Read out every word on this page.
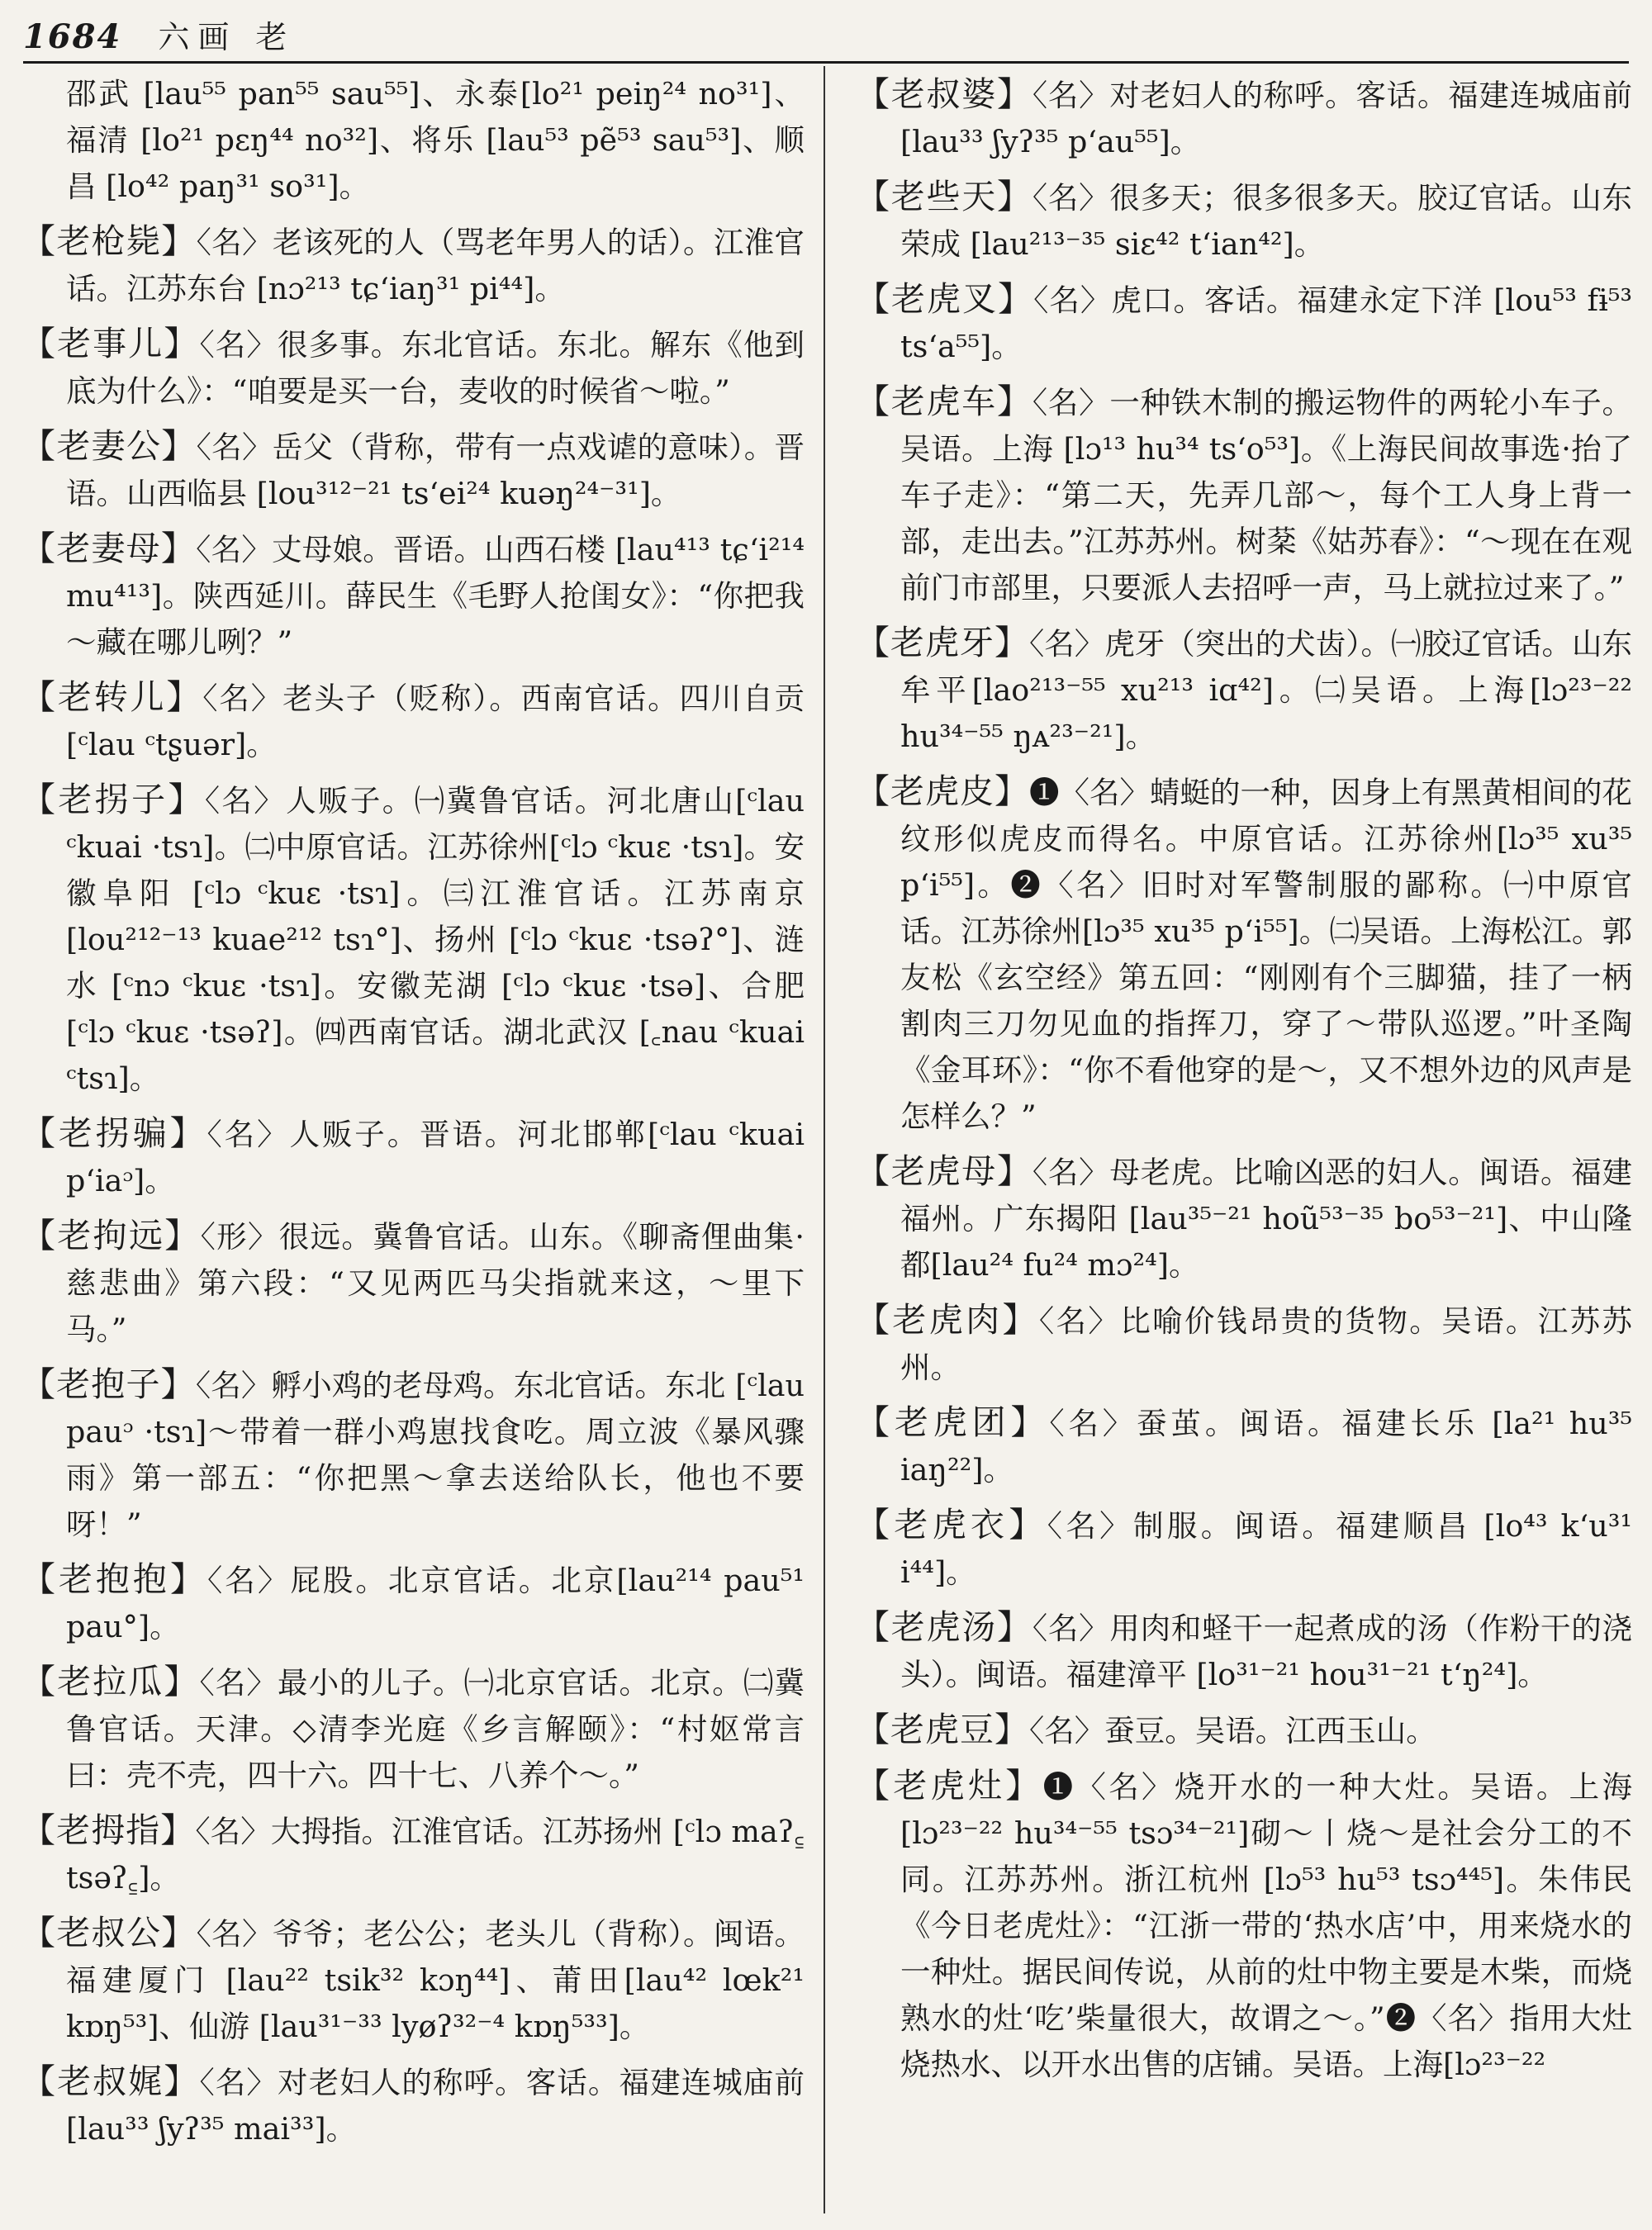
1684 六画 老

邵武 [lau⁵⁵ pan⁵⁵ sau⁵⁵]、永泰[lo²¹ peiŋ²⁴ no³¹]、福清 [lo²¹ pɛŋ⁴⁴ no³²]、将乐 [lau⁵³ pẽ⁵³ sau⁵³]、顺昌 [lo⁴² paŋ³¹ so³¹]。

【老枪毙】〈名〉老该死的人（骂老年男人的话）。江淮官话。江苏东台 [nɔ²¹³ tɕʻiaŋ³¹ pi⁴⁴]。

【老事儿】〈名〉很多事。东北官话。东北。解东《他到底为什么》：“咱要是买一台，麦收的时候省～啦。”

【老妻公】〈名〉岳父（背称，带有一点戏谑的意味）。晋语。山西临县 [lou³¹²⁻²¹ tsʻei²⁴ kuəŋ²⁴⁻³¹]。

【老妻母】〈名〉丈母娘。晋语。山西石楼 [lau⁴¹³ tɕʻi²¹⁴ mu⁴¹³]。陕西延川。薛民生《毛野人抢闺女》：“你把我～藏在哪儿咧？”

【老转儿】〈名〉老头子（贬称）。西南官话。四川自贡 [ᶜlau ᶜtʂuər]。

【老拐子】〈名〉人贩子。㈠冀鲁官话。河北唐山[ᶜlau ᶜkuai ·tsɿ]。㈡中原官话。江苏徐州[ᶜlɔ ᶜkuɛ ·tsɿ]。安徽阜阳 [ᶜlɔ ᶜkuɛ ·tsɿ]。㈢江淮官话。江苏南京 [lou²¹²⁻¹³ kuae²¹² tsɿ°]、扬州 [ᶜlɔ ᶜkuɛ ·tsəʔ°]、涟水 [ᶜnɔ ᶜkuɛ ·tsɿ]。安徽芜湖 [ᶜlɔ ᶜkuɛ ·tsə]、合肥[ᶜlɔ ᶜkuɛ ·tsəʔ]。㈣西南官话。湖北武汉 [꜀nau ᶜkuai ᶜtsɿ]。

【老拐骗】〈名〉人贩子。晋语。河北邯郸[ᶜlau ᶜkuai pʻiaᵓ]。

【老拘远】〈形〉很远。冀鲁官话。山东。《聊斋俚曲集·慈悲曲》第六段：“又见两匹马尖指就来这，～里下马。”

【老抱子】〈名〉孵小鸡的老母鸡。东北官话。东北 [ᶜlau pauᵓ ·tsɿ]～带着一群小鸡崽找食吃。周立波《暴风骤雨》第一部五：“你把黑～拿去送给队长，他也不要呀！”

【老抱抱】〈名〉屁股。北京官话。北京[lau²¹⁴ pau⁵¹ pau°]。

【老拉瓜】〈名〉最小的儿子。㈠北京官话。北京。㈡冀鲁官话。天津。◇清李光庭《乡言解颐》：“村妪常言曰：壳不壳，四十六。四十七、八养个～。”

【老拇指】〈名〉大拇指。江淮官话。江苏扬州 [ᶜlɔ maʔ꜁ tsəʔ꜁]。

【老叔公】〈名〉爷爷；老公公；老头儿（背称）。闽语。福建厦门 [lau²² tsik³² kɔŋ⁴⁴]、莆田[lau⁴² lœk²¹ kɒŋ⁵³]、仙游 [lau³¹⁻³³ lyøʔ³²⁻⁴ kɒŋ⁵³³]。

【老叔娓】〈名〉对老妇人的称呼。客话。福建连城庙前[lau³³ ʃyʔ³⁵ mai³³]。

【老叔婆】〈名〉对老妇人的称呼。客话。福建连城庙前 [lau³³ ʃyʔ³⁵ pʻau⁵⁵]。

【老些天】〈名〉很多天；很多很多天。胶辽官话。山东荣成 [lau²¹³⁻³⁵ siɛ⁴² tʻian⁴²]。

【老虎叉】〈名〉虎口。客话。福建永定下洋 [lou⁵³ fɨ⁵³ tsʻa⁵⁵]。

【老虎车】〈名〉一种铁木制的搬运物件的两轮小车子。吴语。上海 [lɔ¹³ hu³⁴ tsʻo⁵³]。《上海民间故事选·抬了车子走》：“第二天，先弄几部～，每个工人身上背一部，走出去。”江苏苏州。树棻《姑苏春》：“～现在在观前门市部里，只要派人去招呼一声，马上就拉过来了。”

【老虎牙】〈名〉虎牙（突出的犬齿）。㈠胶辽官话。山东牟平[lao²¹³⁻⁵⁵ xu²¹³ iɑ⁴²]。㈡吴语。上海[lɔ²³⁻²² hu³⁴⁻⁵⁵ ŋᴀ²³⁻²¹]。

【老虎皮】❶〈名〉蜻蜓的一种，因身上有黑黄相间的花纹形似虎皮而得名。中原官话。江苏徐州[lɔ³⁵ xu³⁵ pʻi⁵⁵]。❷〈名〉旧时对军警制服的鄙称。㈠中原官话。江苏徐州[lɔ³⁵ xu³⁵ pʻi⁵⁵]。㈡吴语。上海松江。郭友松《玄空经》第五回：“刚刚有个三脚猫，挂了一柄割肉三刀勿见血的指挥刀，穿了～带队巡逻。”叶圣陶《金耳环》：“你不看他穿的是～，又不想外边的风声是怎样么？”

【老虎母】〈名〉母老虎。比喻凶恶的妇人。闽语。福建福州。广东揭阳 [lau³⁵⁻²¹ hoũ⁵³⁻³⁵ bo⁵³⁻²¹]、中山隆都[lau²⁴ fu²⁴ mɔ²⁴]。

【老虎肉】〈名〉比喻价钱昂贵的货物。吴语。江苏苏州。

【老虎团】〈名〉蚕茧。闽语。福建长乐 [la²¹ hu³⁵ iaŋ²²]。

【老虎衣】〈名〉制服。闽语。福建顺昌 [lo⁴³ kʻu³¹ i⁴⁴]。

【老虎汤】〈名〉用肉和蛏干一起煮成的汤（作粉干的浇头）。闽语。福建漳平 [lo³¹⁻²¹ hou³¹⁻²¹ tʻŋ²⁴]。

【老虎豆】〈名〉蚕豆。吴语。江西玉山。

【老虎灶】❶〈名〉烧开水的一种大灶。吴语。上海 [lɔ²³⁻²² hu³⁴⁻⁵⁵ tsɔ³⁴⁻²¹]砌～丨烧～是社会分工的不同。江苏苏州。浙江杭州 [lɔ⁵³ hu⁵³ tsɔ⁴⁴⁵]。朱伟民《今日老虎灶》：“江浙一带的‘热水店’中，用来烧水的一种灶。据民间传说，从前的灶中物主要是木柴，而烧熟水的灶‘吃’柴量很大，故谓之～。”❷〈名〉指用大灶烧热水、以开水出售的店铺。吴语。上海[lɔ²³⁻²²
